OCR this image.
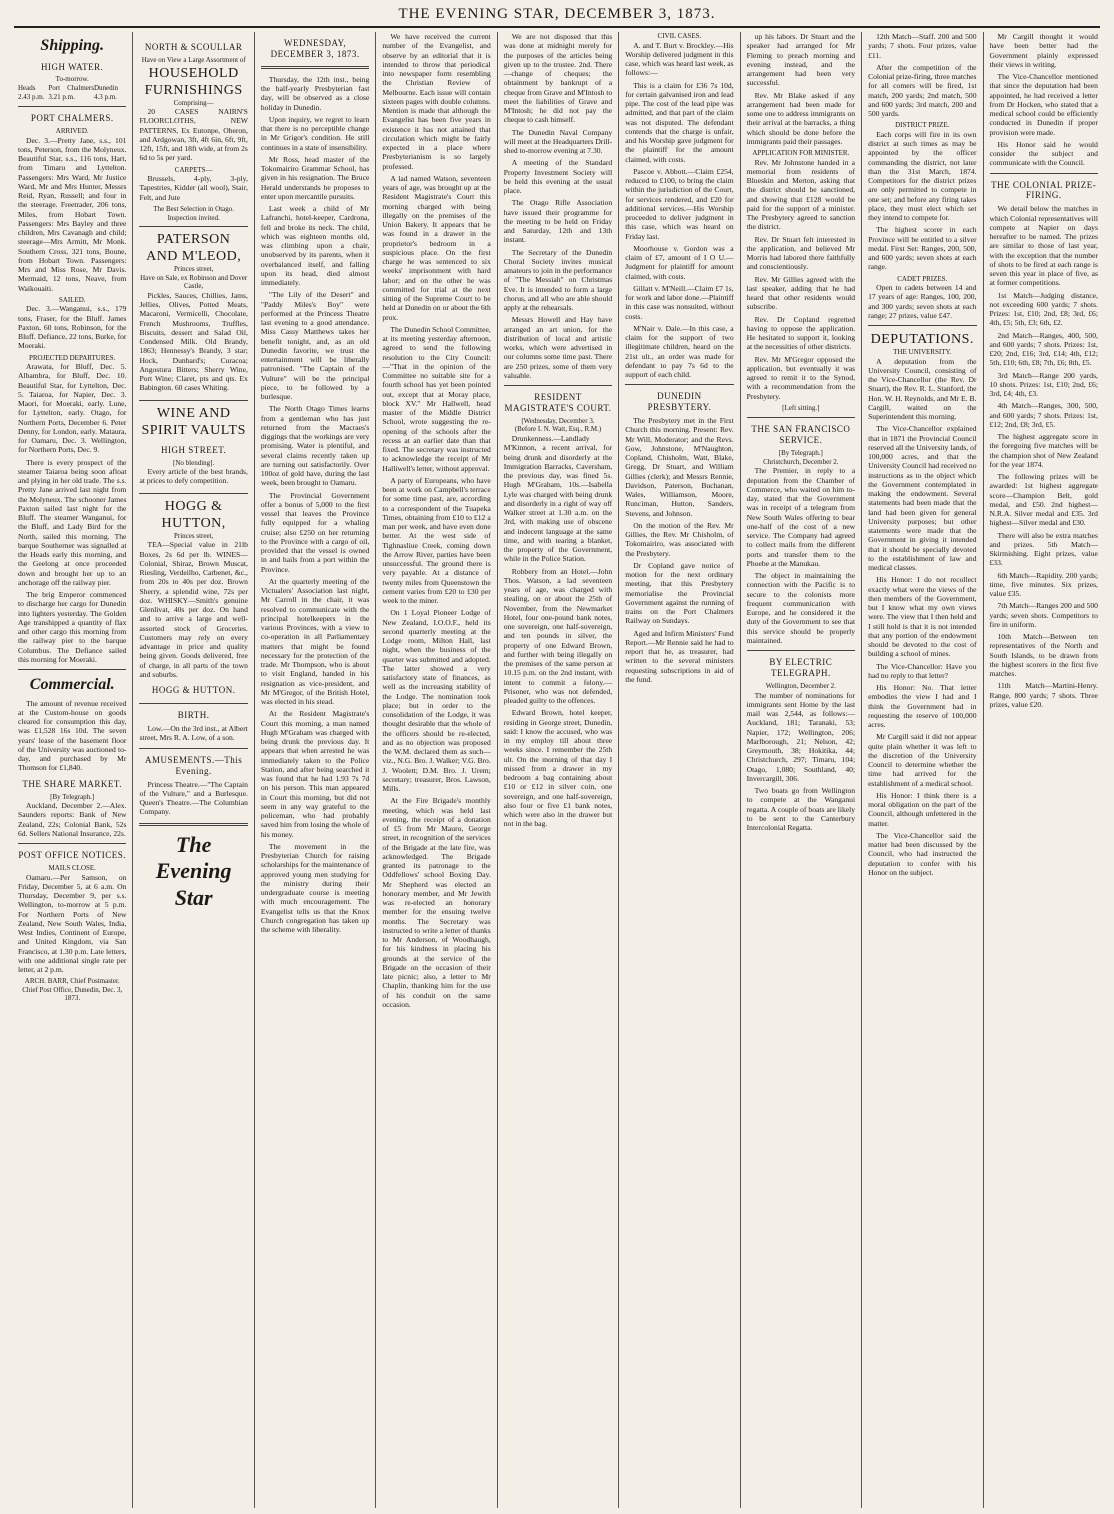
THE EVENING STAR, DECEMBER 3, 1873.
Shipping.
HIGH WATER.
To-morrow.
Heads 2.43 p.m.
Port Chalmers 3.21 p.m.
Dunedin 4.3 p.m.
PORT CHALMERS.
ARRIVED.

Dec. 3.—Pretty Jane, s.s., 101 tons, Peterson, from the Molyneux. Beautiful Star, s.s., 116 tons, Hart, from Timaru and Lyttelton. Passengers: Mrs Ward, Mr Justice Ward, Mr and Mrs Hunter, Messrs Reid, Ryan, Russell; and four in the steerage. Freetrader, 206 tons, Miles, from Hobart Town. Passengers: Mrs Bayley and three children, Mrs Cavanagh and child; steerage—Mrs Armitt, Mr Monk. Southern Cross, 321 tons, Boune, from Hobart Town. Passengers: Mrs and Miss Rose, Mr Davis. Mermaid, 12 tons, Neave, from Waikouaiti.

SAILED.

Dec. 3.—Wanganui, s.s., 179 tons, Fraser, for the Bluff. James Paxton, 60 tons, Robinson, for the Bluff. Defiance, 22 tons, Burke, for Moeraki.

PROJECTED DEPARTURES.

Arawata, for Bluff, Dec. 5. Albambra, for Bluff, Dec. 10. Beautiful Star, for Lyttelton, Dec. 5. Taiaroa, for Napier, Dec. 3. Maori, for Moeraki, early. Lune, for Lyttelton, early. Otago, for Northern Ports, December 6. Peter Denny, for London, early. Mataura, for Oamaru, Dec. 3. Wellington, for Northern Ports, Dec. 9.

There is every prospect of the steamer Taiaroa being soon afloat and plying in her old trade. The s.s. Pretty Jane arrived last night from the Molyneux. The schooner James Paxton sailed last night for the Bluff. The steamer Wanganui, for the Bluff, and Lady Bird for the North, sailed this morning. The barque Southerner was signalled at the Heads early this morning, and the Geelong at once proceeded down and brought her up to an anchorage off the railway pier.

The brig Emperor commenced to discharge her cargo for Dunedin into lighters yesterday. The Golden Age transhipped a quantity of flax and other cargo this morning from the railway pier to the barque Columbus. The Defiance sailed this morning for Moeraki.

Commercial.

The amount of revenue received at the Custom-house on goods cleared for consumption this day, was £1,528 16s 10d. The seven years' lease of the basement floor of the University was auctioned to-day, and purchased by Mr Thomson for £1,840.

THE SHARE MARKET.
[By Telegraph.]

Auckland, December 2.—Alex. Saunders reports: Bank of New Zealand, 22s; Colonial Bank, 52s 6d. Sellers National Insurance, 22s.

POST OFFICE NOTICES.
MAILS CLOSE.

Oamaru.—Per Samson, on Friday, December 5, at 6 a.m. On Thursday, December 9, per s.s. Wellington, to-morrow at 5 p.m. For Northern Ports of New Zealand, New South Wales, India, West Indies, Continent of Europe, and United Kingdom, via San Francisco, at 1.30 p.m. Late letters, with one additional single rate per letter, at 2 p.m.

ARCH. BARR, Chief Postmaster.
Chief Post Office, Dunedin, Dec. 3, 1873.
NORTH & SCOULLAR
Have on View a Large Assortment of
HOUSEHOLD FURNISHINGS
Comprising—

20 CASES NAIRN'S FLOORCLOTHS, NEW PATTERNS, Ex Eutonpe, Oberon, and Ardgowan, 3ft, 4ft 6in, 6ft, 9ft, 12ft, 15ft, and 18ft wide, at from 2s 6d to 5s per yard.

CARPETS—

Brussels, 4-ply, 3-ply, Tapestries, Kidder (all wool), Stair, Felt, and Jute

The Best Selection in Otago. Inspection invited.
PATERSON AND M'LEOD,
Princes street,
Have on Sale, ex Robinson and Dover Castle,

Pickles, Sauces, Chillies, Jams, Jellies, Olives, Potted Meats, Macaroni, Vermicelli, Chocolate, French Mushrooms, Truffles, Biscuits, dessert and Salad Oil, Condensed Milk. Old Brandy, 1863; Hennessy's Brandy, 3 star; Hock, Dunbard's; Curacoa; Angostura Bitters; Sherry Wine, Port Wine; Claret, pts and qts. Ex Babington. 60 cases Whiting.

WINE AND SPIRIT VAULTS
HIGH STREET.
[No blending].

Every article of the best brands, at prices to defy competition.

HOGG & HUTTON,
Princes street,

TEA—Special value in 21lb Boxes, 2s 6d per lb. WINES—Colonial, Shiraz, Brown Muscat, Riesling, Verdeilho, Carbenet, &c., from 20s to 40s per doz. Brown Sherry, a splendid wine, 72s per doz. WHISKY—Smith's genuine Glenlivat, 40s per doz. On hand and to arrive a large and well-assorted stock of Groceries. Customers may rely on every advantage in price and quality being given. Goods delivered, free of charge, in all parts of the town and suburbs.

HOGG & HUTTON.
BIRTH.

Low.—On the 3rd inst., at Albert street, Mrs R. A. Low, of a son.

AMUSEMENTS.—This Evening.

Princess Theatre.—"The Captain of the Vulture," and a Burlesque. Queen's Theatre.—The Columbian Company.

The Evening Star
WEDNESDAY, DECEMBER 3, 1873.

Thursday, the 12th inst., being the half-yearly Presbyterian fast day, will be observed as a close holiday in Dunedin.

Upon inquiry, we regret to learn that there is no perceptible change in Mr Grigor's condition. He still continues in a state of insensibility.

Mr Ross, head master of the Tokomairiro Grammar School, has given in his resignation. The Bruce Herald understands he proposes to enter upon mercantile pursuits.

Last week a child of Mr Lafranchi, hotel-keeper, Cardrona, fell and broke its neck. The child, which was eighteen months old, was climbing upon a chair, unobserved by its parents, when it overbalanced itself, and falling upon its head, died almost immediately.

"The Lily of the Desert" and "Paddy Miles's Boy" were performed at the Princess Theatre last evening to a good attendance. Miss Cassy Matthews takes her benefit tonight, and, as an old Dunedin favorite, we trust the entertainment will be liberally patronised. "The Captain of the Vulture" will be the principal piece, to be followed by a burlesque.

The North Otago Times learns from a gentleman who has just returned from the Macraes's diggings that the workings are very promising. Water is plentiful, and several claims recently taken up are turning out satisfactorily. Over 100oz of gold have, during the last week, been brought to Oamaru.

The Provincial Government offer a bonus of 5,000 to the first vessel that leaves the Province fully equipped for a whaling cruise; also £250 on her returning to the Province with a cargo of oil, provided that the vessel is owned in and hails from a port within the Province.

At the quarterly meeting of the Victualers' Association last night, Mr Carroll in the chair, it was resolved to communicate with the principal hotelkeepers in the various Provinces, with a view to co-operation in all Parliamentary matters that might be found necessary for the protection of the trade. Mr Thompson, who is about to visit England, handed in his resignation as vice-president, and Mr M'Gregor, of the British Hotel, was elected in his stead.

At the Resident Magistrate's Court this morning, a man named Hugh M'Graham was charged with being drunk the previous day. It appears that when arrested he was immediately taken to the Police Station, and after being searched it was found that he had 1.93 7s 7d on his person. This man appeared in Court this morning, but did not seem in any way grateful to the policeman, who had probably saved him from losing the whole of his money.

The movement in the Presbyterian Church for raising scholarships for the maintenance of approved young men studying for the ministry during their undergraduate course is meeting with much encouragement. The Evangelist tells us that the Knox Church congregation has taken up the scheme with liberality.

We have received the current number of the Evangelist, and observe by an editorial that it is intended to throw that periodical into newspaper form resembling the Christian Review of Melbourne. Each issue will contain sixteen pages with double columns. Mention is made that although the Evangelist has been five years in existence it has not attained that circulation which might be fairly expected in a place where Presbyterianism is so largely professed.

A lad named Watson, seventeen years of age, was brought up at the Resident Magistrate's Court this morning charged with being illegally on the premises of the Union Bakery. It appears that he was found in a drawer in the proprietor's bedroom in a suspicious place. On the first charge he was sentenced to six weeks' imprisonment with hard labor; and on the other he was committed for trial at the next sitting of the Supreme Court to be held at Dunedin on or about the 6th prox.

The Dunedin School Committee, at its meeting yesterday afternoon, agreed to send the following resolution to the City Council:—"That in the opinion of the Committee no suitable site for a fourth school has yet been pointed out, except that at Moray place, block XV." Mr Hallwell, head master of the Middle District School, wrote suggesting the re-opening of the schools after the recess at an earlier date than that fixed. The secretary was instructed to acknowledge the receipt of Mr Halliwell's letter, without approval.

A party of Europeans, who have been at work on Campbell's terrace for some time past, are, according to a correspondent of the Tuapeka Times, obtaining from £10 to £12 a man per week, and have even done better. At the west side of Tighnasliue Creek, coming down the Arrow River, parties have been unsuccessful. The ground there is very payable. At a distance of twenty miles from Queenstown the cement varies from £20 to £30 per week to the miner.

On 1 Loyal Pioneer Lodge of New Zealand, I.O.O.F., held its second quarterly meeting at the Lodge room, Milton Hall, last night, when the business of the quarter was submitted and adopted. The latter showed a very satisfactory state of finances, as well as the increasing stability of the Lodge. The nomination took place; but in order to the consolidation of the Lodge, it was thought desirable that the whole of the officers should be re-elected, and as no objection was proposed the W.M. declared them as such—viz., N.G. Bro. J. Walker; V.G. Bro. J. Woolett; D.M. Bro. J. Urem; secretary; treasurer, Bros. Lawson, Mills.

At the Fire Brigade's monthly meeting, which was held last evening, the receipt of a donation of £5 from Mr Mauro, George street, in recognition of the services of the Brigade at the late fire, was acknowledged. The Brigade granted its patronage to the Oddfellows' school Boxing Day. Mr Shepherd was elected an honorary member, and Mr Jewith was re-elected an honorary member for the ensuing twelve months. The Secretary was instructed to write a letter of thanks to Mr Anderson, of Woodhaugh, for his kindness in placing his grounds at the service of the Brigade on the occasion of their late picnic; also, a letter to Mr Chaplin, thanking him for the use of his conduit on the same occasion.

We are not disposed that this was done at midnight merely for the purposes of the articles being given up to the trustee. 2nd. There—change of cheques; the obtainment by bankrupt of a cheque from Grave and M'Intosh to meet the liabilities of Grave and M'Intosh; he did not pay the cheque to cash himself.

The Dunedin Naval Company will meet at the Headquarters Drill-shed to-morrow evening at 7.30.

A meeting of the Standard Property Investment Society will be held this evening at the usual place.

The Otago Rifle Association have issued their programme for the meeting to be held on Friday and Saturday, 12th and 13th instant.

The Secretary of the Dunedin Choral Society invites musical amateurs to join in the performance of "The Messiah" on Christmas Eve. It is intended to form a large chorus, and all who are able should apply at the rehearsals.

Messrs Howell and Hay have arranged an art union, for the distribution of local and artistic works, which were advertised in our columns some time past. There are 250 prizes, some of them very valuable.

RESIDENT MAGISTRATE'S COURT.
[Wednesday, December 3.
(Before I. N. Watt, Esq., R.M.)

Drunkenness.—Landlady M'Kinnon, a recent arrival, for being drunk and disorderly at the Immigration Barracks, Caversham, the previous day, was fined 5s. Hugh M'Graham, 10s.—Isabella Lyle was charged with being drunk and disorderly in a right of way off Walker street at 1.30 a.m. on the 3rd, with making use of obscene and indecent language at the same time, and with tearing a blanket, the property of the Government, while in the Police Station.

Robbery from an Hotel.—John Thos. Watson, a lad seventeen years of age, was charged with stealing, on or about the 25th of November, from the Newmarket Hotel, four one-pound bank notes, one sovereign, one half-sovereign, and ten pounds in silver, the property of one Edward Brown, and further with being illegally on the premises of the same person at 10.15 p.m. on the 2nd instant, with intent to commit a felony.—Prisoner, who was not defended, pleaded guilty to the offences.

Edward Brown, hotel keeper, residing in George street, Dunedin, said: I know the accused, who was in my employ till about three weeks since. I remember the 25th ult. On the morning of that day I missed from a drawer in my bedroom a bag containing about £10 or £12 in silver coin, one sovereign, and one half-sovereign, also four or five £1 bank notes, which were also in the drawer but not in the bag.

CIVIL CASES.

A. and T. Burt v. Brockley.—His Worship delivered judgment in this case, which was heard last week, as follows:—

This is a claim for £36 7s 10d, for certain galvanised iron and lead pipe. The cost of the lead pipe was admitted, and that part of the claim was not disputed. The defendant contends that the charge is unfair, and his Worship gave judgment for the plaintiff for the amount claimed, with costs.

Pascoe v. Abbott.—Claim £254, reduced to £100, to bring the claim within the jurisdiction of the Court, for services rendered, and £20 for additional services.—His Worship proceeded to deliver judgment in this case, which was heard on Friday last.

Moorhouse v. Gordon was a claim of £7, amount of I O U.—Judgment for plaintiff for amount claimed, with costs.

Gillatt v. M'Neill.—Claim £7 1s, for work and labor done.—Plaintiff in this case was nonsuited, without costs.

M'Nair v. Dale.—In this case, a claim for the support of two illegitimate children, heard on the 21st ult., an order was made for defendant to pay 7s 6d to the support of each child.

DUNEDIN PRESBYTERY.

The Presbytery met in the First Church this morning. Present: Rev. Mr Will, Moderator; and the Revs. Gow, Johnstone, M'Naughton, Copland, Chisholm, Watt, Blake, Gregg, Dr Stuart, and William Gillies (clerk); and Messrs Rennie, Davidson, Paterson, Buchanan, Wales, Williamson, Moore, Runciman, Hutton, Sanders, Stevens, and Johnson.

On the motion of the Rev. Mr Gillies, the Rev. Mr Chisholm, of Tokomairiro, was associated with the Presbytery.

Dr Copland gave notice of motion for the next ordinary meeting, that this Presbytery memorialise the Provincial Government against the running of trains on the Port Chalmers Railway on Sundays.

Aged and Infirm Ministers' Fund Report.—Mr Rennie said he had to report that he, as treasurer, had written to the several ministers requesting subscriptions in aid of the fund.

up his labors. Dr Stuart and the speaker had arranged for Mr Fleming to preach morning and evening instead, and the arrangement had been very successful.

Rev. Mr Blake asked if any arrangement had been made for some one to address immigrants on their arrival at the barracks, a thing which should be done before the immigrants paid their passages.

APPLICATION FOR MINISTER.

Rev. Mr Johnstone handed in a memorial from residents of Blueskin and Merton, asking that the district should be sanctioned, and showing that £128 would be paid for the support of a minister. The Presbytery agreed to sanction the district.

Rev. Dr Stuart felt interested in the application, and believed Mr Morris had labored there faithfully and conscientiously.

Rev. Mr Gillies agreed with the last speaker, adding that he had heard that other residents would subscribe.

Rev. Dr Copland regretted having to oppose the application. He hesitated to support it, looking at the necessities of other districts.

Rev. Mr M'Gregor opposed the application, but eventually it was agreed to remit it to the Synod, with a recommendation from the Presbytery.

[Left sitting.]
THE SAN FRANCISCO SERVICE.
[By Telegraph.]
Christchurch, December 2.

The Premier, in reply to a deputation from the Chamber of Commerce, who waited on him to-day, stated that the Government was in receipt of a telegram from New South Wales offering to bear one-half of the cost of a new service. The Company had agreed to collect mails from the different ports and transfer them to the Phoebe at the Manukau.

The object in maintaining the connection with the Pacific is to secure to the colonists more frequent communication with Europe, and he considered it the duty of the Government to see that this service should be properly maintained.

BY ELECTRIC TELEGRAPH.
Wellington, December 2.

The number of nominations for immigrants sent Home by the last mail was 2,544, as follows:—Auckland, 181; Taranaki, 53; Napier, 172; Wellington, 206; Marlborough, 21; Nelson, 42; Greymouth, 38; Hokitika, 44; Christchurch, 297; Timaru, 104; Otago, 1,080; Southland, 40; Invercargill, 306.

Two boats go from Wellington to compete at the Wanganui regatta. A couple of boats are likely to be sent to the Canterbury Intercolonial Regatta.

12th Match—Staff. 200 and 500 yards; 7 shots. Four prizes, value £11.

After the competition of the Colonial prize-firing, three matches for all comers will be fired, 1st match, 200 yards; 2nd match, 500 and 600 yards; 3rd match, 200 and 500 yards.

DISTRICT PRIZE.

Each corps will fire in its own district at such times as may be appointed by the officer commanding the district, not later than the 31st March, 1874. Competitors for the district prizes are only permitted to compete in one set; and before any firing takes place, they must elect which set they intend to compete for.

The highest scorer in each Province will be entitled to a silver medal. First Set: Ranges, 200, 500, and 600 yards; seven shots at each range.

CADET PRIZES.

Open to cadets between 14 and 17 years of age: Ranges, 100, 200, and 300 yards; seven shots at each range; 27 prizes, value £47.

DEPUTATIONS.
THE UNIVERSITY.

A deputation from the University Council, consisting of the Vice-Chancellor (the Rev. Dr Stuart), the Rev. R. L. Stanford, the Hon. W. H. Reynolds, and Mr E. B. Cargill, waited on the Superintendent this morning.

The Vice-Chancellor explained that in 1871 the Provincial Council reserved all the University lands, of 100,000 acres, and that the University Council had received no instructions as to the object which the Government contemplated in making the endowment. Several statements had been made that the land had been given for general University purposes; but other statements were made that the Government in giving it intended that it should be specially devoted to the establishment of law and medical classes.

His Honor: I do not recollect exactly what were the views of the then members of the Government, but I know what my own views were. The view that I then held and I still hold is that it is not intended that any portion of the endowment should be devoted to the cost of building a school of mines.

The Vice-Chancellor: Have you had no reply to that letter?

His Honor: No. That letter embodies the view I had and I think the Government had in requesting the reserve of 100,000 acres.

Mr Cargill said it did not appear quite plain whether it was left to the discretion of the University Council to determine whether the time had arrived for the establishment of a medical school.

His Honor: I think there is a moral obligation on the part of the Council, although unfettered in the matter.

The Vice-Chancellor said the matter had been discussed by the Council, who had instructed the deputation to confer with his Honor on the subject.

Mr Cargill thought it would have been better had the Government plainly expressed their views in writing.

The Vice-Chancellor mentioned that since the deputation had been appointed, he had received a letter from Dr Hocken, who stated that a medical school could be efficiently conducted in Dunedin if proper provision were made.

His Honor said he would consider the subject and communicate with the Council.

THE COLONIAL PRIZE-FIRING.

We detail below the matches in which Colonial representatives will compete at Napier on days hereafter to be named. The prizes are similar to those of last year, with the exception that the number of shots to be fired at each range is seven this year in place of five, as at former competitions.

1st Match—Judging distance, not exceeding 600 yards; 7 shots. Prizes: 1st, £10; 2nd, £8; 3rd, £6; 4th, £5; 5th, £3; 6th, £2.

2nd Match—Ranges, 400, 500, and 600 yards; 7 shots. Prizes: 1st, £20; 2nd, £16; 3rd, £14; 4th, £12; 5th, £10; 6th, £8; 7th, £6; 8th, £5.

3rd Match—Range 200 yards, 10 shots. Prizes: 1st, £10; 2nd, £6; 3rd, £4; 4th, £3.

4th Match—Ranges, 300, 500, and 600 yards; 7 shots. Prizes: 1st, £12; 2nd, £8; 3rd, £5.

The highest aggregate score in the foregoing five matches will be the champion shot of New Zealand for the year 1874.

The following prizes will be awarded: 1st highest aggregate score—Champion Belt, gold medal, and £50. 2nd highest—N.R.A. Silver medal and £35. 3rd highest—Silver medal and £30.

There will also be extra matches and prizes. 5th Match—Skirmishing. Eight prizes, value £33.

6th Match—Rapidity. 200 yards; time, five minutes. Six prizes, value £35.

7th Match—Ranges 200 and 500 yards; seven shots. Competitors to fire in uniform.

10th Match—Between ten representatives of the North and South Islands, to be drawn from the highest scorers in the first five matches.

11th Match—Martini-Henry. Range, 800 yards; 7 shots. Three prizes, value £20.
